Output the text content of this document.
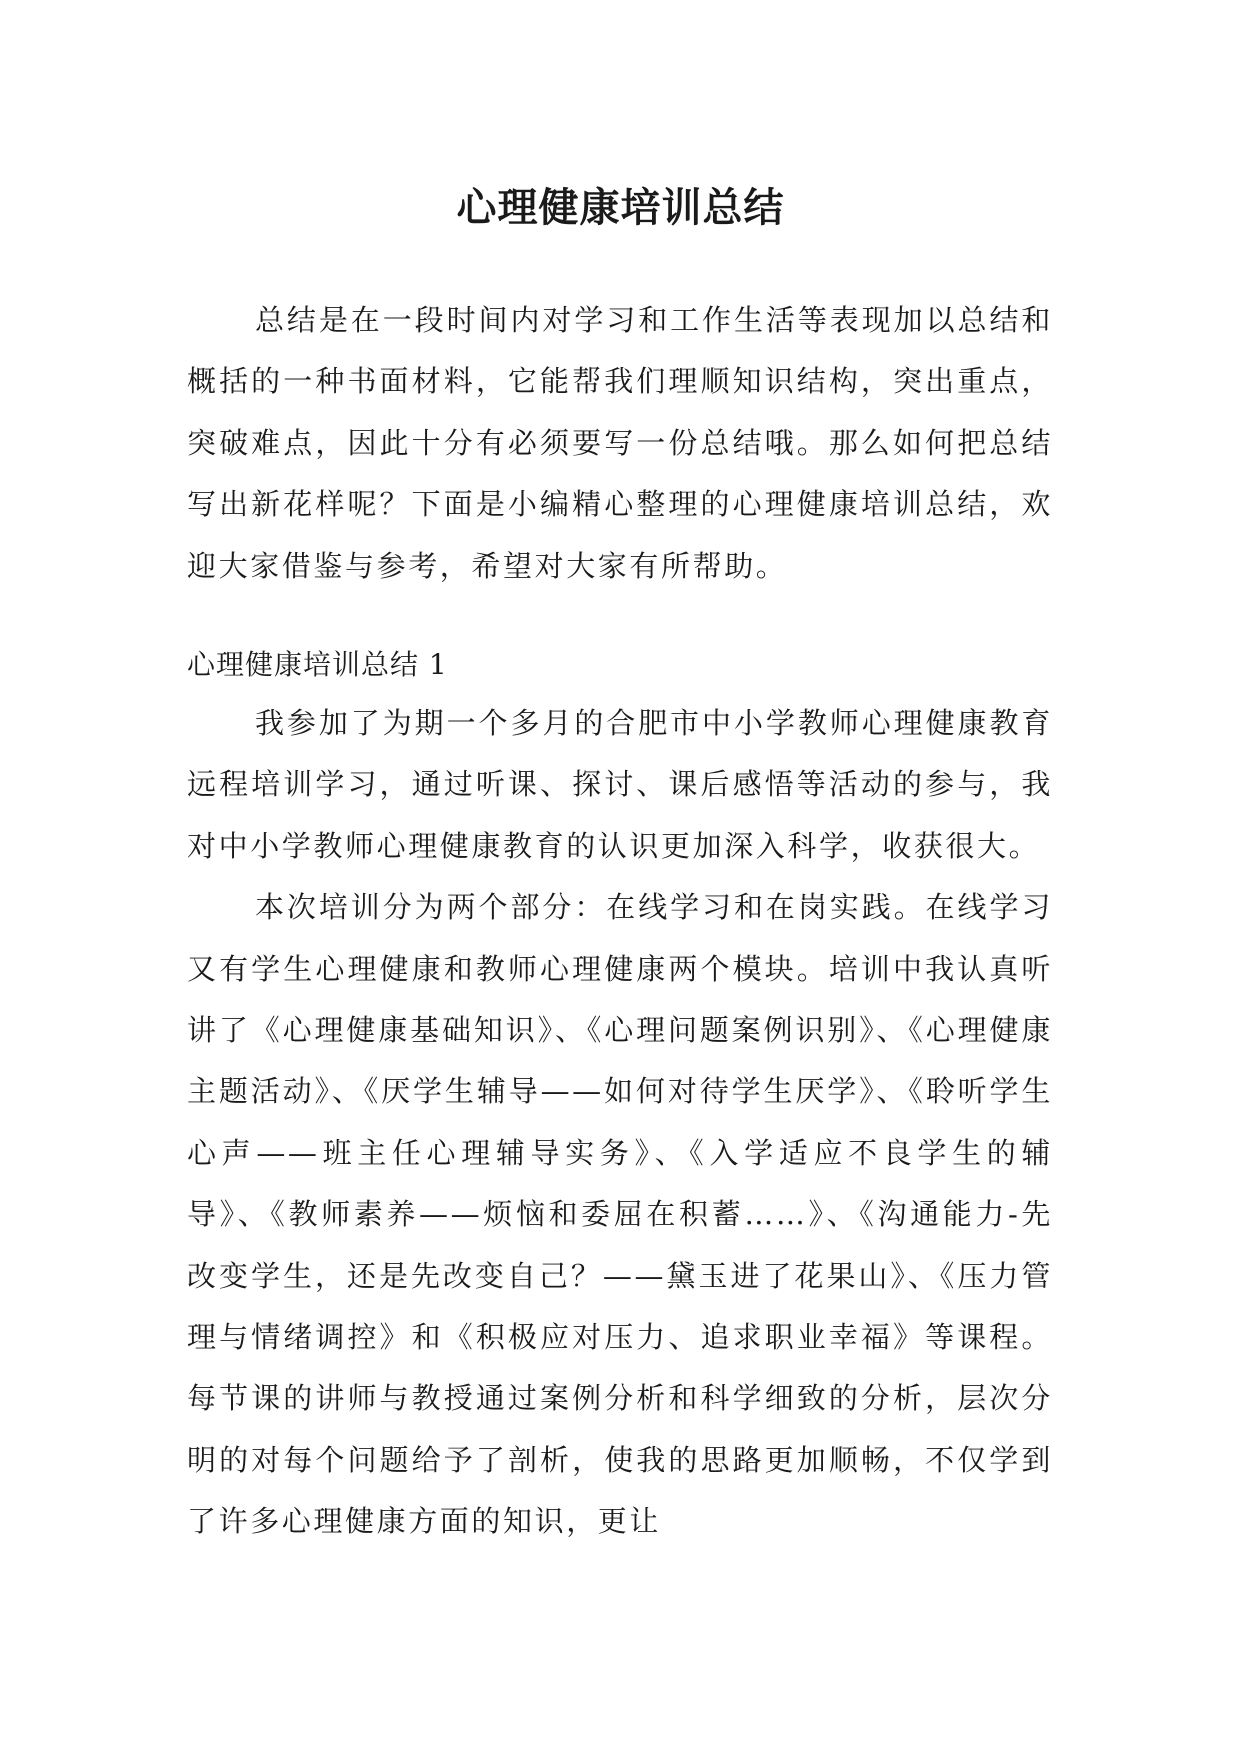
心理健康培训总结

总结是在一段时间内对学习和工作生活等表现加以总结和概括的一种书面材料，它能帮我们理顺知识结构，突出重点，突破难点，因此十分有必须要写一份总结哦。那么如何把总结写出新花样呢？下面是小编精心整理的心理健康培训总结，欢迎大家借鉴与参考，希望对大家有所帮助。

心理健康培训总结 1

我参加了为期一个多月的合肥市中小学教师心理健康教育远程培训学习，通过听课、探讨、课后感悟等活动的参与，我对中小学教师心理健康教育的认识更加深入科学，收获很大。

本次培训分为两个部分：在线学习和在岗实践。在线学习又有学生心理健康和教师心理健康两个模块。培训中我认真听讲了《心理健康基础知识》、《心理问题案例识别》、《心理健康主题活动》、《厌学生辅导——如何对待学生厌学》、《聆听学生心声——班主任心理辅导实务》、《入学适应不良学生的辅导》、《教师素养——烦恼和委屈在积蓄……》、《沟通能力-先改变学生，还是先改变自己？——黛玉进了花果山》、《压力管理与情绪调控》和《积极应对压力、追求职业幸福》等课程。每节课的讲师与教授通过案例分析和科学细致的分析，层次分明的对每个问题给予了剖析，使我的思路更加顺畅，不仅学到了许多心理健康方面的知识，更让
